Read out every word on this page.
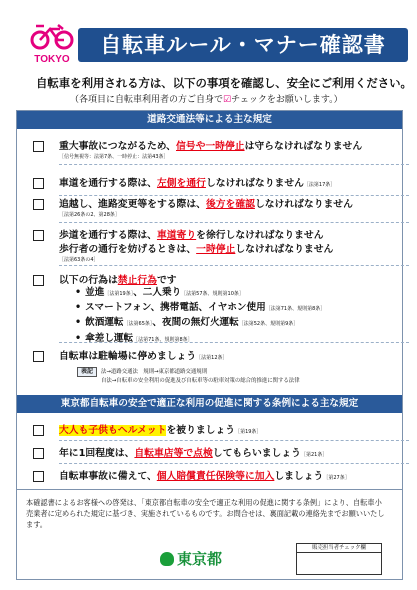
TOKYO
自転車ルール・マナー確認書
自転車を利用される方は、以下の事項を確認し、安全にご利用ください。
（各項目に自転車利用者の方ご自身で☑チェックをお願いします。）
道路交通法等による主な規定
重大事故につながるため、信号や一時停止は守らなければなりません
［信号無視等：法第7条、一時停止：法第43条］
車道を通行する際は、左側を通行しなければなりません［法第17条］
追越し、進路変更等をする際は、後方を確認しなければなりません
［法第26条の2、第28条］
歩道を通行する際は、車道寄りを徐行しなければなりません
歩行者の通行を妨げるときは、一時停止しなければなりません
［法第63条の4］
以下の行為は禁止行為です
• 並進［法第19条］、二人乗り［法第57条、規則第10条］
• スマートフォン、携帯電話、イヤホン使用［法第71条、規則第8条］
• 飲酒運転［法第65条］、夜間の無灯火運転［法第52条、規則第9条］
• 傘差し運転［法第71条、規則第8条］
自転車は駐輪場に停めましょう［法第12条］
表記 法→道路交通法　規則→東京都道路交通規則
自法→自転車の安全利用の促進及び自転車等の駐車対策の総合的推進に関する法律
東京都自転車の安全で適正な利用の促進に関する条例による主な規定
大人も子供もヘルメットを被りましょう［第19条］
年に1回程度は、自転車店等で点検してもらいましょう［第21条］
自転車事故に備えて、個人賠償責任保険等に加入しましょう［第27条］
本確認書によるお客様への啓発は、「東京都自転車の安全で適正な利用の促進に関する条例」により、自転車小売業者に定められた規定に基づき、実施されているものです。お問合せは、裏面記載の連絡先までお願いいたします。
東京都
販売担当者チェック欄
